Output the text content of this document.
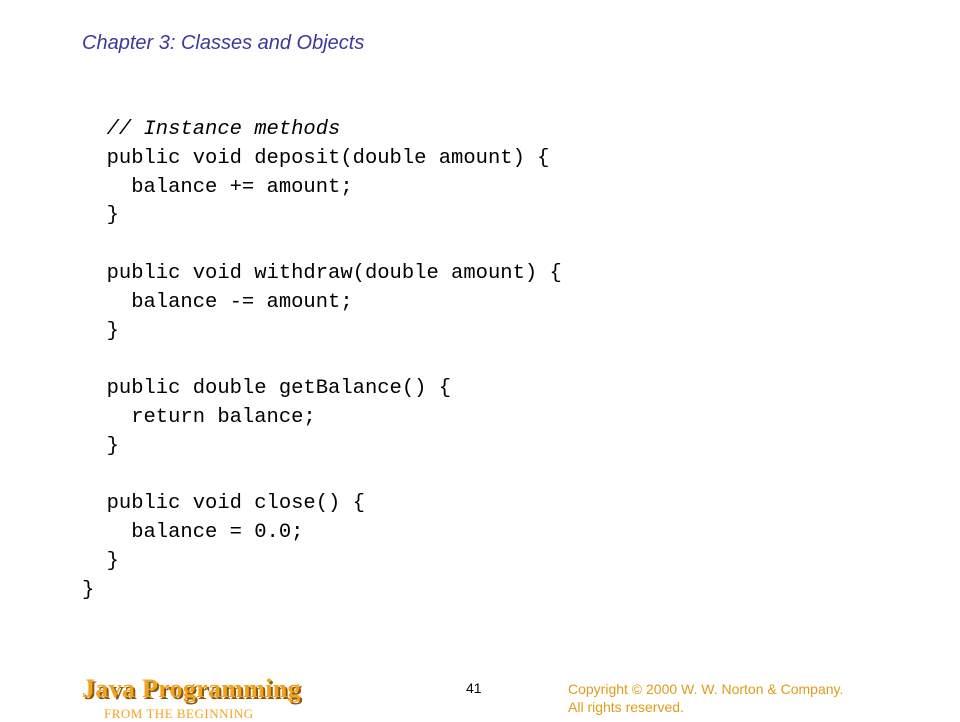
Chapter 3: Classes and Objects
// Instance methods
public void deposit(double amount) {
balance += amount;
}
public void withdraw(double amount) {
balance -= amount;
}
public double getBalance() {
return balance;
}
public void close() {
balance = 0.0;
}
}
Java Programming
FROM THE BEGINNING
41	Copyright © 2000 W. W. Norton & Company.
All rights reserved.
